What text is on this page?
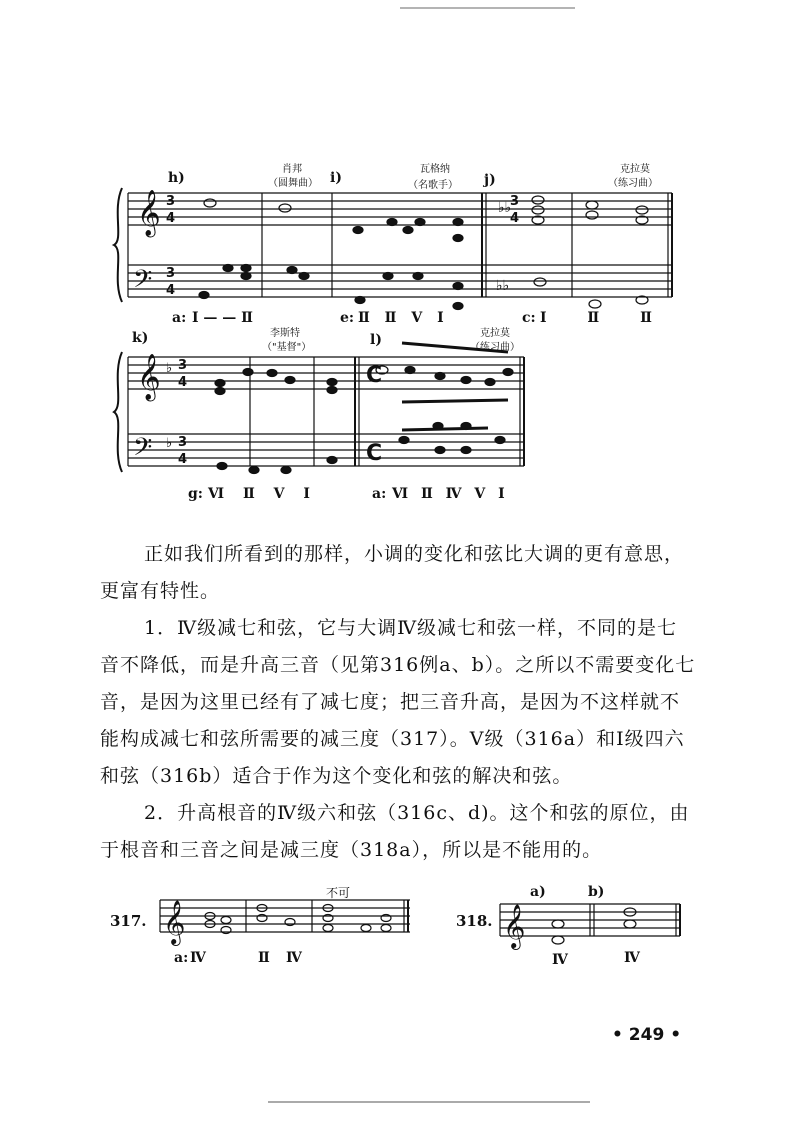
𝄞
𝄢
3
4
3
4
♭♭
3
4
♭♭
𝄞
𝄢
♭ 3
4
♭ 3
4
C
C
𝄞	𝄞
h)	i)	j)
肖邦
（圆舞曲）
瓦格纳
（名歌手）
克拉莫
（练习曲）
a: Ⅰ — — Ⅱ	e: Ⅱ Ⅱ Ⅴ Ⅰ	c: Ⅰ Ⅱ Ⅱ
k)	l)
李斯特
（"基督"）
克拉莫
（练习曲）
g: Ⅵ Ⅱ Ⅴ Ⅰ	a: Ⅵ Ⅱ Ⅳ Ⅴ Ⅰ
正如我们所看到的那样，小调的变化和弦比大调的更有意思，更富有特性。
1．Ⅳ级减七和弦，它与大调Ⅳ级减七和弦一样，不同的是七音不降低，而是升高三音（见第316例a、b）。之所以不需要变化七音，是因为这里已经有了减七度；把三音升高，是因为不这样就不能构成减七和弦所需要的减三度（317）。Ⅴ级（316a）和Ⅰ级四六和弦（316b）适合于作为这个变化和弦的解决和弦。
2．升高根音的Ⅳ级六和弦（316c、d)。这个和弦的原位，由于根音和三音之间是减三度（318a），所以是不能用的。
317.
不可
a: Ⅳ	Ⅱ Ⅳ
318.
a)	b)
Ⅳ	Ⅳ
• 249 •
